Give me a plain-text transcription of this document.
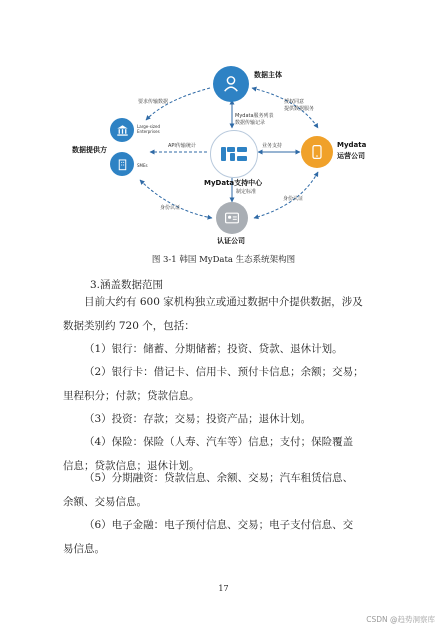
数据主体
Large-sized Enterprises
SMEs
数据提供方
MyData支持中心
Mydata
运营公司
认证公司
要求传输数据	授权同意
提供数据服务
Mydata服务列表
数据传输记录
API传输统计	业务支持
制定标准
身份认证
身份认证
图 3-1 韩国 MyData 生态系统架构图
3.涵盖数据范围

目前大约有 600 家机构独立或通过数据中介提供数据，涉及
数据类别约 720 个，包括：

（1）银行：储蓄、分期储蓄；投资、贷款、退休计划。

（2）银行卡：借记卡、信用卡、预付卡信息；余额；交易；
里程积分；付款；贷款信息。

（3）投资：存款；交易；投资产品；退休计划。

（4）保险：保险（人寿、汽车等）信息；支付；保险覆盖
信息；贷款信息；退休计划。

（5）分期融资：贷款信息、余额、交易；汽车租赁信息、
余额、交易信息。

（6）电子金融：电子预付信息、交易；电子支付信息、交
易信息。

17
CSDN @趋势洞察库
